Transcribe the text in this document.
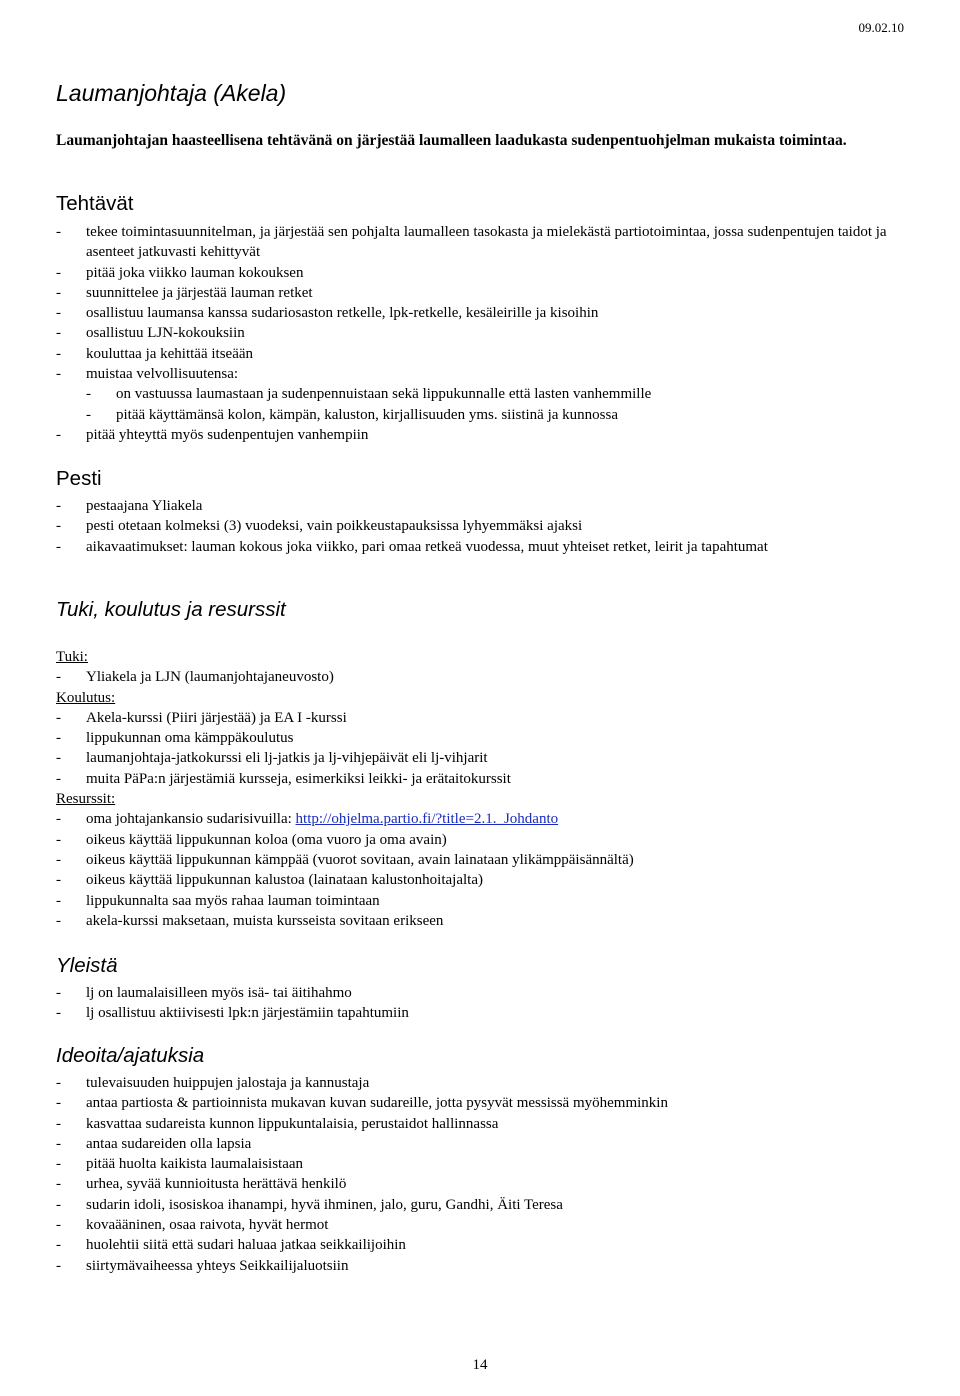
09.02.10
Laumanjohtaja (Akela)

Laumanjohtajan haasteellisena tehtävänä on järjestää laumalleen laadukasta sudenpentuohjelman mukaista toimintaa.

Tehtävät
- tekee toimintasuunnitelman, ja järjestää sen pohjalta laumalleen tasokasta ja mielekästä partiotoimintaa, jossa sudenpentujen taidot ja asenteet jatkuvasti kehittyvät
- pitää joka viikko lauman kokouksen
- suunnittelee ja järjestää lauman retket
- osallistuu laumansa kanssa sudariosaston retkelle, lpk-retkelle, kesäleirille ja kisoihin
- osallistuu LJN-kokouksiin
- kouluttaa ja kehittää itseään
- muistaa velvollisuutensa:
- on vastuussa laumastaan ja sudenpennuistaan sekä lippukunnalle että lasten vanhemmille
- pitää käyttämänsä kolon, kämpän, kaluston, kirjallisuuden yms. siistinä ja kunnossa
- pitää yhteyttä myös sudenpentujen vanhempiin
Pesti
- pestaajana Yliakela
- pesti otetaan kolmeksi (3) vuodeksi, vain poikkeustapauksissa lyhyemmäksi ajaksi
- aikavaatimukset: lauman kokous joka viikko, pari omaa retkeä vuodessa, muut yhteiset retket, leirit ja tapahtumat
Tuki, koulutus ja resurssit
Tuki:
- Yliakela ja LJN (laumanjohtajaneuvosto)
Koulutus:
- Akela-kurssi (Piiri järjestää) ja EA I -kurssi
- lippukunnan oma kämppäkoulutus
- laumanjohtaja-jatkokurssi eli lj-jatkis ja lj-vihjepäivät eli lj-vihjarit
- muita PäPa:n järjestämiä kursseja, esimerkiksi leikki- ja erätaitokurssit
Resurssit:
- oma johtajankansio sudarisivuilla: http://ohjelma.partio.fi/?title=2.1._Johdanto
- oikeus käyttää lippukunnan koloa (oma vuoro ja oma avain)
- oikeus käyttää lippukunnan kämppää (vuorot sovitaan, avain lainataan ylikämppäisännältä)
- oikeus käyttää lippukunnan kalustoa (lainataan kalustonhoitajalta)
- lippukunnalta saa myös rahaa lauman toimintaan
- akela-kurssi maksetaan, muista kursseista sovitaan erikseen
Yleistä
- lj on laumalaisilleen myös isä- tai äitihahmo
- lj osallistuu aktiivisesti lpk:n järjestämiin tapahtumiin
Ideoita/ajatuksia
- tulevaisuuden huippujen jalostaja ja kannustaja
- antaa partiosta & partioinnista mukavan kuvan sudareille, jotta pysyvät messissä myöhemminkin
- kasvattaa sudareista kunnon lippukuntalaisia, perustaidot hallinnassa
- antaa sudareiden olla lapsia
- pitää huolta kaikista laumalaisistaan
- urhea, syvää kunnioitusta herättävä henkilö
- sudarin idoli, isosiskoa ihanampi, hyvä ihminen, jalo, guru, Gandhi, Äiti Teresa
- kovaääninen, osaa raivota, hyvät hermot
- huolehtii siitä että sudari haluaa jatkaa seikkailijoihin
- siirtymävaiheessa yhteys Seikkailijaluotsiin
14
